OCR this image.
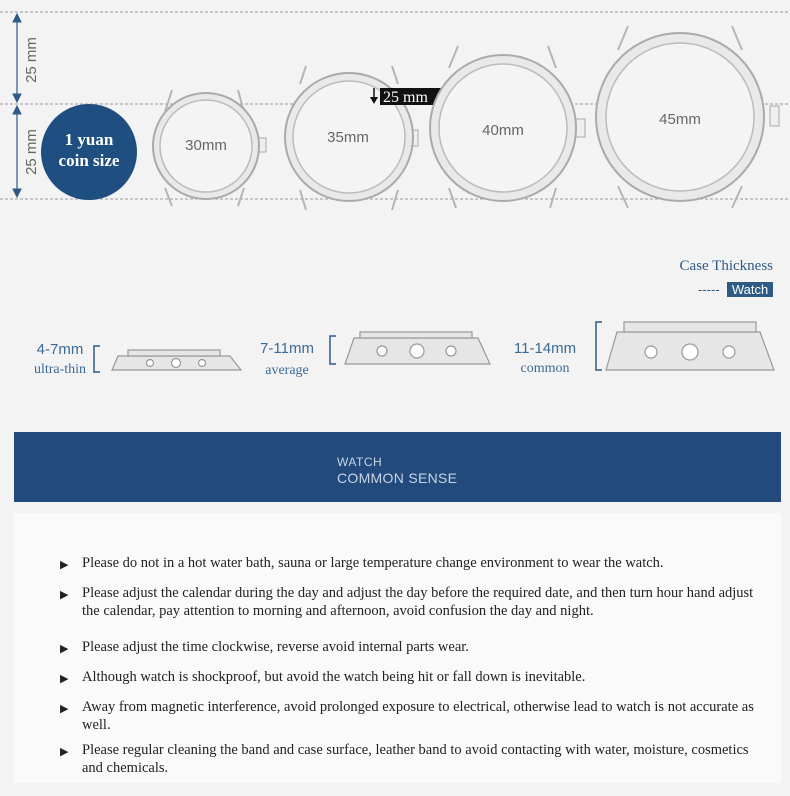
25 mm
25 mm 1 yuan
coin size
30mm	35mm
25 mm
40mm
45mm
Case Thickness
----- Watch
4-7mm
ultra-thin
7-11mm
average
11-14mm
common
WATCH
COMMON SENSE
▶ Please do not in a hot water bath, sauna or large temperature change environment to wear the watch.
▶ Please adjust the calendar during the day and adjust the day before the required date, and then turn hour hand adjust the calendar, pay attention to morning and afternoon, avoid confusion the day and night.
▶ Please adjust the time clockwise, reverse avoid internal parts wear.
▶ Although watch is shockproof, but avoid the watch being hit or fall down is inevitable.
▶ Away from magnetic interference, avoid prolonged exposure to electrical, otherwise lead to watch is not accurate as well.
▶ Please regular cleaning the band and case surface, leather band to avoid contacting with water, moisture, cosmetics and chemicals.
